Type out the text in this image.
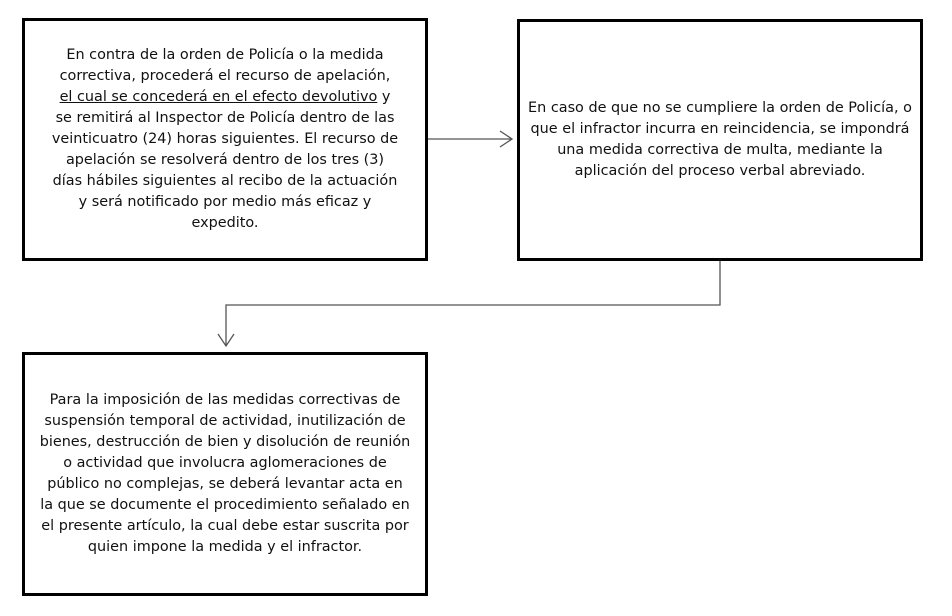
En contra de la orden de Policía o la medida correctiva, procederá el recurso de apelación, el cual se concederá en el efecto devolutivo y se remitirá al Inspector de Policía dentro de las veinticuatro (24) horas siguientes. El recurso de apelación se resolverá dentro de los tres (3) días hábiles siguientes al recibo de la actuación y será notificado por medio más eficaz y expedito.

En caso de que no se cumpliere la orden de Policía, o que el infractor incurra en reincidencia, se impondrá una medida correctiva de multa, mediante la aplicación del proceso verbal abreviado.

Para la imposición de las medidas correctivas de suspensión temporal de actividad, inutilización de bienes, destrucción de bien y disolución de reunión o actividad que involucra aglomeraciones de público no complejas, se deberá levantar acta en la que se documente el procedimiento señalado en el presente artículo, la cual debe estar suscrita por quien impone la medida y el infractor.
